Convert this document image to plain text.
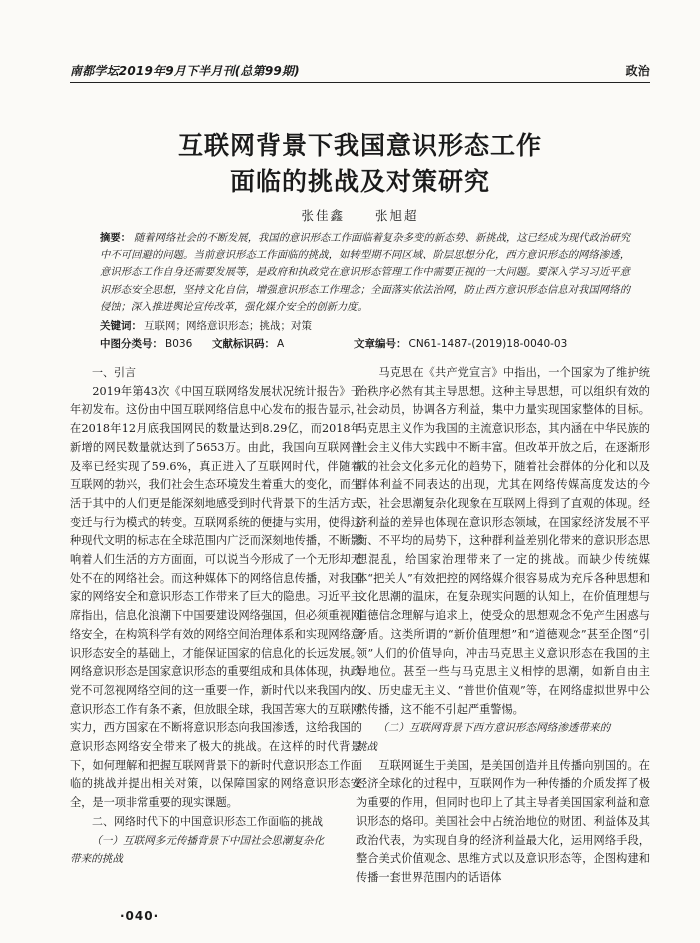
南都学坛2019年9月下半月刊(总第99期)	政治
互联网背景下我国意识形态工作
面临的挑战及对策研究
张佳鑫 张旭超
摘要： 随着网络社会的不断发展，我国的意识形态工作面临着复杂多变的新态势、新挑战，这已经成为现代政治研究中不可回避的问题。当前意识形态工作面临的挑战，如转型期不同区域、阶层思想分化，西方意识形态的网络渗透，意识形态工作自身还需要发展等，是政府和执政党在意识形态管理工作中需要正视的一大问题。要深入学习习近平意识形态安全思想，坚持文化自信，增强意识形态工作理念；全面落实依法治网，防止西方意识形态信息对我国网络的侵蚀；深入推进舆论宣传改革，强化媒介安全的创新力度。
关键词： 互联网；网络意识形态；挑战；对策
中图分类号： B036 文献标识码： A	文章编号： CN61-1487-(2019)18-0040-03
一、引言

2019年第43次《中国互联网络发展状况统计报告》于年初发布。这份由中国互联网络信息中心发布的报告显示，在2018年12月底我国网民的数量达到8.29亿，而2018年新增的网民数量就达到了5653万。由此，我国向互联网普及率已经实现了59.6%，真正进入了互联网时代，伴随着互联网的勃兴，我们社会生态环境发生着重大的变化，而生活于其中的人们更是能深刻地感受到时代背景下的生活方式变迁与行为模式的转变。互联网系统的便捷与实用，使得这种现代文明的标志在全球范围内广泛而深刻地传播，不断影响着人们生活的方方面面，可以说当今形成了一个无形却无处不在的网络社会。而这种媒体下的网络信息传播，对我国家的网络安全和意识形态工作带来了巨大的隐患。习近平主席指出，信息化浪潮下中国要建设网络强国，但必须重视网络安全，在构筑科学有效的网络空间治理体系和实现网络意识形态安全的基础上，才能保证国家的信息化的长远发展。网络意识形态是国家意识形态的重要组成和具体体现，执政党不可忽视网络空间的这一重要一作，新时代以来我国内的意识形态工作有条不紊，但放眼全球，我国苦寒大的互联网实力，西方国家在不断将意识形态向我国渗透，这给我国的意识形态网络安全带来了极大的挑战。在这样的时代背景下，如何理解和把握互联网背景下的新时代意识形态工作面临的挑战并提出相关对策，以保障国家的网络意识形态安全，是一项非常重要的现实课题。

二、网络时代下的中国意识形态工作面临的挑战
（一）互联网多元传播背景下中国社会思潮复杂化
带来的挑战

马克思在《共产党宣言》中指出，一个国家为了维护统治秩序必然有其主导思想。这种主导思想，可以组织有效的社会动员，协调各方利益，集中力量实现国家整体的目标。马克思主义作为我国的主流意识形态，其内涵在中华民族的社会主义伟大实践中不断丰富。但改革开放之后，在逐渐形成的社会文化多元化的趋势下，随着社会群体的分化和以及群体利益不同表达的出现，尤其在网络传媒高度发达的今天，社会思潮复杂化现象在互联网上得到了直观的体现。经济利益的差异也体现在意识形态领域，在国家经济发展不平衡、不平均的局势下，这种群利益差别化带来的意识形态思想混乱，给国家治理带来了一定的挑战。而缺少传统媒体“把关人”有效把控的网络媒介很容易成为充斥各种思想和文化思潮的温床，在复杂现实问题的认知上，在价值理想与道德信念理解与追求上，使受众的思想观念不免产生困惑与矛盾。这类所谓的“新价值理想”和“道德观念”甚至企图“引领”人们的价值导向，冲击马克思主义意识形态在我国的主导地位。甚至一些与马克思主义相悖的思潮，如新自由主义、历史虚无主义、“普世价值观”等，在网络虚拟世界中公然传播，这不能不引起严重警惕。

（二）互联网背景下西方意识形态网络渗透带来的
挑战

互联网诞生于美国，是美国创造并且传播向别国的。在经济全球化的过程中，互联网作为一种传播的介质发挥了极为重要的作用，但同时也印上了其主导者美国国家利益和意识形态的烙印。美国社会中占统治地位的财团、利益体及其政治代表，为实现自身的经济利益最大化，运用网络手段，整合美式价值观念、思维方式以及意识形态等，企图构建和传播一套世界范围内的话语体

·040·
